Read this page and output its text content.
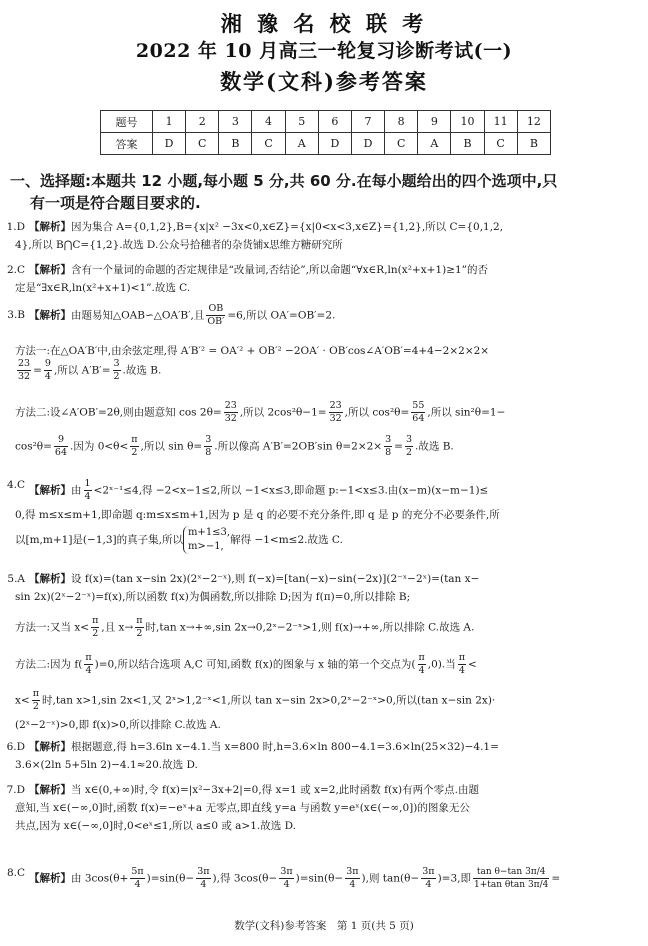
湘 豫 名 校 联 考
2022 年 10 月高三一轮复习诊断考试(一)
数学(文科)参考答案
题号	1	2	3	4	5	6	7	8	9	10	11	12
答案	D	C	B	C	A	D	D	C	A	B	C	B
一、选择题:本题共 12 小题,每小题 5 分,共 60 分.在每小题给出的四个选项中,只
有一项是符合题目要求的.
1.D 【解析】因为集合 A={0,1,2},B={x|x² −3x<0,x∈Z}={x|0<x<3,x∈Z}={1,2},所以 C={0,1,2,
4},所以 B⋂C={1,2}.故选 D.公众号拾穗者的杂货铺x思维方糖研究所
2.C 【解析】含有一个量词的命题的否定规律是“改量词,否结论”,所以命题“∀x∈R,ln(x²+x+1)≥1”的否
定是“∃x∈R,ln(x²+x+1)<1”.故选 C.
3.B 【解析】由题易知△OAB∽△OA′B′,且 $\frac{OB}{OB'} =6$,所以 OA′=OB′=2.
方法一:在△OA′B′中,由余弦定理,得 A′B′² = OA′² + OB′² −2OA′ · OB′cos∠A′OB′=4+4−2×2×2×
$\frac{23}{32} = \frac{9}{4}$ ,所以 $A'B'= \frac{3}{2}$ .故选 B.
方法二:设∠A′OB′=2θ,则由题意知 $\cos 2\theta= \frac{23}{32}$ ,所以 $2\cos^2\theta-1= \frac{23}{32}$ ,所以 $\cos^2\theta= \frac{55}{64}$ ,所以 sin²θ=1−
$\cos^2\theta= \frac{9}{64}$ .因为 $0<\theta< \frac{\pi}{2}$ ,所以 $\sin \theta= \frac{3}{8}$ .所以像高 A′B′=2OB′sin $\theta=2\times 2\times \frac{3}{8} = \frac{3}{2}$ .故选 B.
4.C 【解析】由 $\frac{1}{4}$ <2ˣ⁻¹≤4,得 −2<x−1≤2,所以 −1<x≤3,即命题 p:−1<x≤3.由(x−m)(x−m−1)≤
0,得 m≤x≤m+1,即命题 q:m≤x≤m+1,因为 p 是 q 的必要不充分条件,即 q 是 p 的充分不必要条件,所
以[m,m+1]是(−1,3]的真子集,所以
m+1≤3,
m>−1,
解得 −1<m≤2.故选 C.
5.A 【解析】设 f(x)=(tan x−sin 2x)(2ˣ−2⁻ˣ),则 f(−x)=[tan(−x)−sin(−2x)](2⁻ˣ−2ˣ)=(tan x−
sin 2x)(2ˣ−2⁻ˣ)=f(x),所以函数 f(x)为偶函数,所以排除 D;因为 f(π)=0,所以排除 B;
方法一:又当 $x< \frac{\pi}{2}$ ,且 $x\to \frac{\pi}{2}$ 时,tan x→+∞,sin 2x→0,2ˣ−2⁻ˣ>1,则 f(x)→+∞,所以排除 C.故选 A.
方法二:因为 $f( \frac{\pi}{4} )=0$,所以结合选项 A,C 可知,函数 f(x)的图象与 x 轴的第一个交点为( $\frac{\pi}{4} ,0$).当 $\frac{\pi}{4}$ <
$x< \frac{\pi}{2}$ 时,tan x>1,sin 2x<1,又 2ˣ>1,2⁻ˣ<1,所以 tan x−sin 2x>0,2ˣ−2⁻ˣ>0,所以(tan x−sin 2x)·
(2ˣ−2⁻ˣ)>0,即 f(x)>0,所以排除 C.故选 A.
6.D 【解析】根据题意,得 h=3.6ln x−4.1.当 x=800 时,h=3.6×ln 800−4.1=3.6×ln(25×32)−4.1=
3.6×(2ln 5+5ln 2)−4.1≈20.故选 D.
7.D 【解析】当 x∈(0,+∞)时,令 f(x)=|x²−3x+2|=0,得 x=1 或 x=2,此时函数 f(x)有两个零点.由题
意知,当 x∈(−∞,0]时,函数 f(x)=−eˣ+a 无零点,即直线 y=a 与函数 y=eˣ(x∈(−∞,0])的图象无公
共点,因为 x∈(−∞,0]时,0<eˣ≤1,所以 a≤0 或 a>1.故选 D.
8.C 【解析】由 $3\cos(\theta+ \frac{5\pi}{4} )=\sin(\theta- \frac{3\pi}{4}$ ),得 $3\cos(\theta- \frac{3\pi}{4} )=\sin(\theta- \frac{3\pi}{4}$ ),则 $\tan(\theta- \frac{3\pi}{4} )=3$,即 $\frac{\text{tan θ−tan 3π/4}}{\text{1+tan θtan 3π/4}}$ =
数学(文科)参考答案　第 1 页(共 5 页)
